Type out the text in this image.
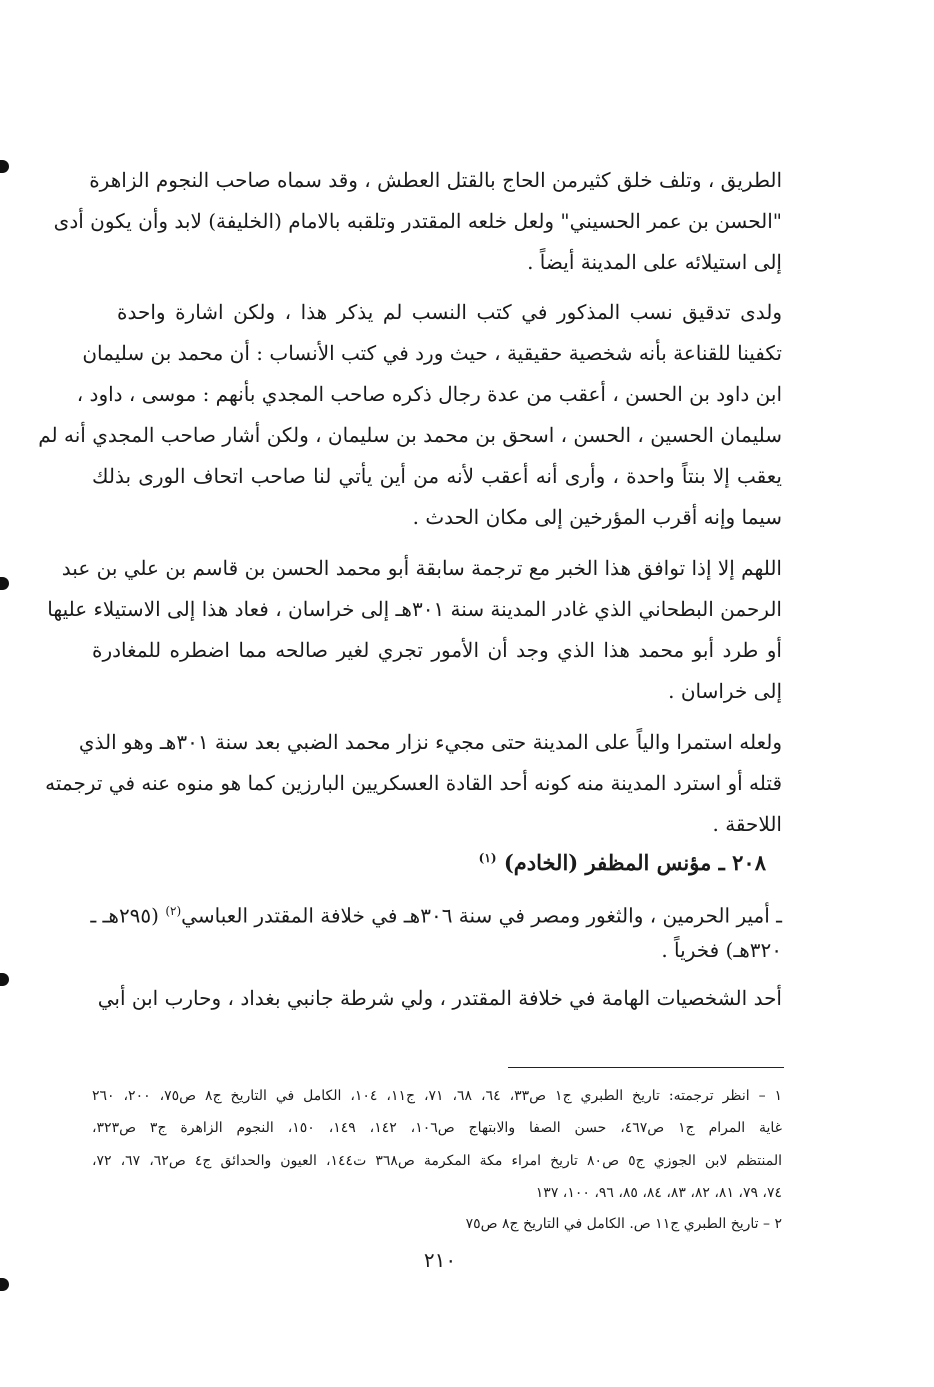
الطريق ، وتلف خلق كثيرمن الحاج بالقتل العطش ، وقد سماه صاحب النجوم الزاهرة
"الحسن بن عمر الحسيني" ولعل خلعه المقتدر وتلقبه بالامام (الخليفة) لابد وأن يكون أدى
إلى استيلائه على المدينة أيضاً .
ولدى تدقيق نسب المذكور في كتب النسب لم يذكر هذا ، ولكن اشارة واحدة
تكفينا للقناعة بأنه شخصية حقيقية ، حيث ورد في كتب الأنساب : أن محمد بن سليمان
ابن داود بن الحسن ، أعقب من عدة رجال ذكره صاحب المجدي بأنهم : موسى ، داود ،
سليمان الحسين ، الحسن ، اسحق بن محمد بن سليمان ، ولكن أشار صاحب المجدي أنه لم
يعقب إلا بنتاً واحدة ، وأرى أنه أعقب لأنه من أين يأتي لنا صاحب اتحاف الورى بذلك
سيما وإنه أقرب المؤرخين إلى مكان الحدث .
اللهم إلا إذا توافق هذا الخبر مع ترجمة سابقة أبو محمد الحسن بن قاسم بن علي بن عبد
الرحمن البطحاني الذي غادر المدينة سنة ٣٠١هـ إلى خراسان ، فعاد هذا إلى الاستيلاء عليها
أو طرد أبو محمد هذا الذي وجد أن الأمور تجري لغير صالحه مما اضطره للمغادرة
إلى خراسان .
ولعله استمرا والياً على المدينة حتى مجيء نزار محمد الضبي بعد سنة ٣٠١هـ وهو الذي
قتله أو استرد المدينة منه كونه أحد القادة العسكريين البارزين كما هو منوه عنه في ترجمته
اللاحقة .
٢٠٨ ـ مؤنس المظفر (الخادم) $^{(١)}$
ـ أمير الحرمين ، والثغور ومصر في سنة ٣٠٦هـ في خلافة المقتدر العباسي$^{(٢)}$ (٢٩٥هـ ـ
٣٢٠هـ) فخرياً .
أحد الشخصيات الهامة في خلافة المقتدر ، ولي شرطة جانبي بغداد ، وحارب ابن أبي
١ – انظر ترجمته: تاريخ الطبري ج١ ص٣٣، ٦٤، ٦٨، ٧١، ج١١، ١٠٤، الكامل في التاريخ ج٨ ص٧٥، ٢٠٠، ٢٦٠
غاية المرام ج١ ص٤٦٧، حسن الصفا والابتهاج ص١٠٦، ١٤٢، ١٤٩، ١٥٠، النجوم الزاهرة ج٣ ص٣٢٣،
المنتظم لابن الجوزي ج٥ ص٨٠ تاريخ امراء مكة المكرمة ص٣٦٨ ت١٤٤، العيون والحدائق ج٤ ص٦٢، ٦٧، ٧٢،
٧٤، ٧٩، ٨١، ٨٢، ٨٣، ٨٤، ٨٥، ٩٦، ١٠٠، ١٣٧
٢ – تاريخ الطبري ج١١ ص. الكامل في التاريخ ج٨ ص٧٥
٢١٠
